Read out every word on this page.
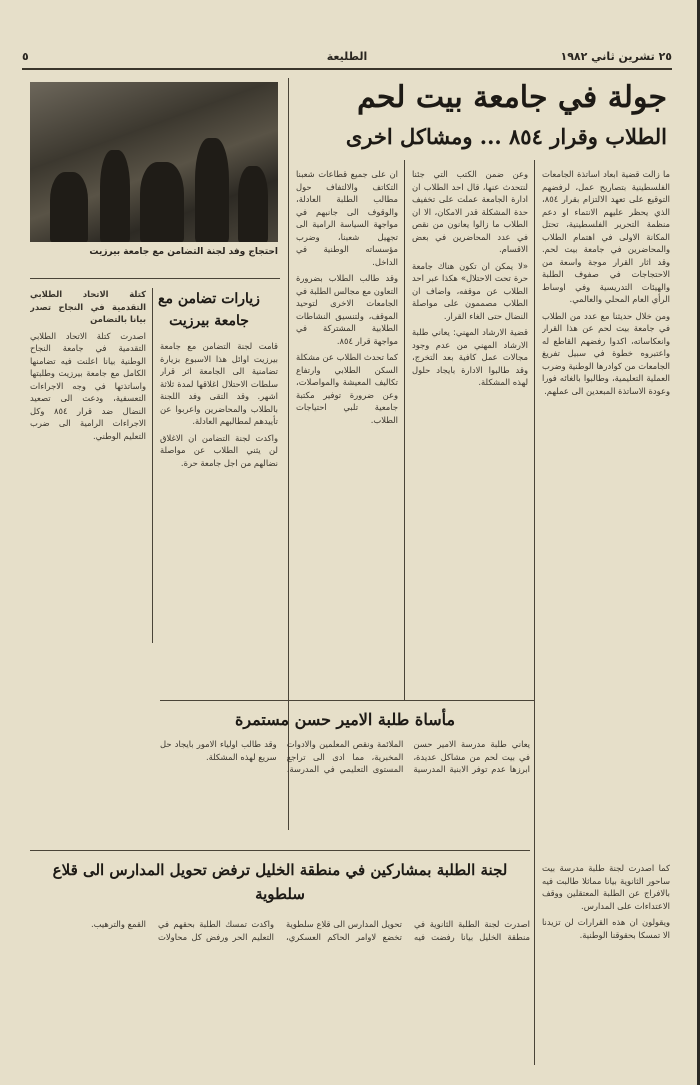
٢٥ تشرين ثاني ١٩٨٢
الطليعة
٥
جولة في جامعة بيت لحم
الطلاب وقرار ٨٥٤ ... ومشاكل اخرى
احتجاج وفد لجنة التضامن مع جامعة بيرزيت

ما زالت قضية ابعاد اساتذة الجامعات الفلسطينية بتصاريح عمل، لرفضهم التوقيع على تعهد الالتزام بقرار ٨٥٤، الذي يحظر عليهم الانتماء او دعم منظمة التحرير الفلسطينية، تحتل المكانة الاولى في اهتمام الطلاب والمحاضرين في جامعة بيت لحم. وقد اثار القرار موجة واسعة من الاحتجاجات في صفوف الطلبة والهيئات التدريسية وفي اوساط الرأي العام المحلي والعالمي.

ومن خلال حديثنا مع عدد من الطلاب في جامعة بيت لحم عن هذا القرار وانعكاساته، اكدوا رفضهم القاطع له واعتبروه خطوة في سبيل تفريغ الجامعات من كوادرها الوطنية وضرب العملية التعليمية، وطالبوا بالغائه فورا وعودة الاساتذة المبعدين الى عملهم.

وعن ضمن الكتب التي جئنا لنتحدث عنها، قال احد الطلاب ان ادارة الجامعة عملت على تخفيف حدة المشكلة قدر الامكان، الا ان الطلاب ما زالوا يعانون من نقص في عدد المحاضرين في بعض الاقسام.

«لا يمكن ان تكون هناك جامعة حرة تحت الاحتلال» هكذا عبر احد الطلاب عن موقفه، واضاف ان الطلاب مصممون على مواصلة النضال حتى الغاء القرار.

قضية الارشاد المهني: يعاني طلبة الارشاد المهني من عدم وجود مجالات عمل كافية بعد التخرج، وقد طالبوا الادارة بايجاد حلول لهذه المشكلة.

ان على جميع قطاعات شعبنا التكاتف والالتفاف حول مطالب الطلبة العادلة، والوقوف الى جانبهم في مواجهة السياسة الرامية الى تجهيل شعبنا، وضرب مؤسساته الوطنية في الداخل.

وقد طالب الطلاب بضرورة التعاون مع مجالس الطلبة في الجامعات الاخرى لتوحيد الموقف، ولتنسيق النشاطات الطلابية المشتركة في مواجهة قرار ٨٥٤.

كما تحدث الطلاب عن مشكلة السكن الطلابي وارتفاع تكاليف المعيشة والمواصلات، وعن ضرورة توفير مكتبة جامعية تلبي احتياجات الطلاب.

زيارات تضامن مع جامعة بيرزيت

قامت لجنة التضامن مع جامعة بيرزيت اوائل هذا الاسبوع بزيارة تضامنية الى الجامعة اثر قرار سلطات الاحتلال اغلاقها لمدة ثلاثة اشهر. وقد التقى وفد اللجنة بالطلاب والمحاضرين واعربوا عن تأييدهم لمطالبهم العادلة.

واكدت لجنة التضامن ان الاغلاق لن يثني الطلاب عن مواصلة نضالهم من اجل جامعة حرة.

كتلة الاتحاد الطلابي التقدمية في النجاح تصدر بيانا بالتضامن

اصدرت كتلة الاتحاد الطلابي التقدمية في جامعة النجاح الوطنية بيانا اعلنت فيه تضامنها الكامل مع جامعة بيرزيت وطلبتها واساتذتها في وجه الاجراءات التعسفية، ودعت الى تصعيد النضال ضد قرار ٨٥٤ وكل الاجراءات الرامية الى ضرب التعليم الوطني.

مأساة طلبة الامير حسن مستمرة

يعاني طلبة مدرسة الامير حسن في بيت لحم من مشاكل عديدة، ابرزها عدم توفر الابنية المدرسية الملائمة ونقص المعلمين والادوات المخبرية، مما ادى الى تراجع المستوى التعليمي في المدرسة. وقد طالب اولياء الامور بايجاد حل سريع لهذه المشكلة.

كما اصدرت لجنة طلبة مدرسة بيت ساحور الثانوية بيانا مماثلا طالبت فيه بالافراج عن الطلبة المعتقلين ووقف الاعتداءات على المدارس.

ويقولون ان هذه القرارات لن تزيدنا الا تمسكا بحقوقنا الوطنية.

لجنة الطلبة بمشاركين في منطقة الخليل ترفض تحويل المدارس الى قلاع سلطوية

اصدرت لجنة الطلبة الثانوية في منطقة الخليل بيانا رفضت فيه تحويل المدارس الى قلاع سلطوية تخضع لاوامر الحاكم العسكري، واكدت تمسك الطلبة بحقهم في التعليم الحر ورفض كل محاولات القمع والترهيب.
